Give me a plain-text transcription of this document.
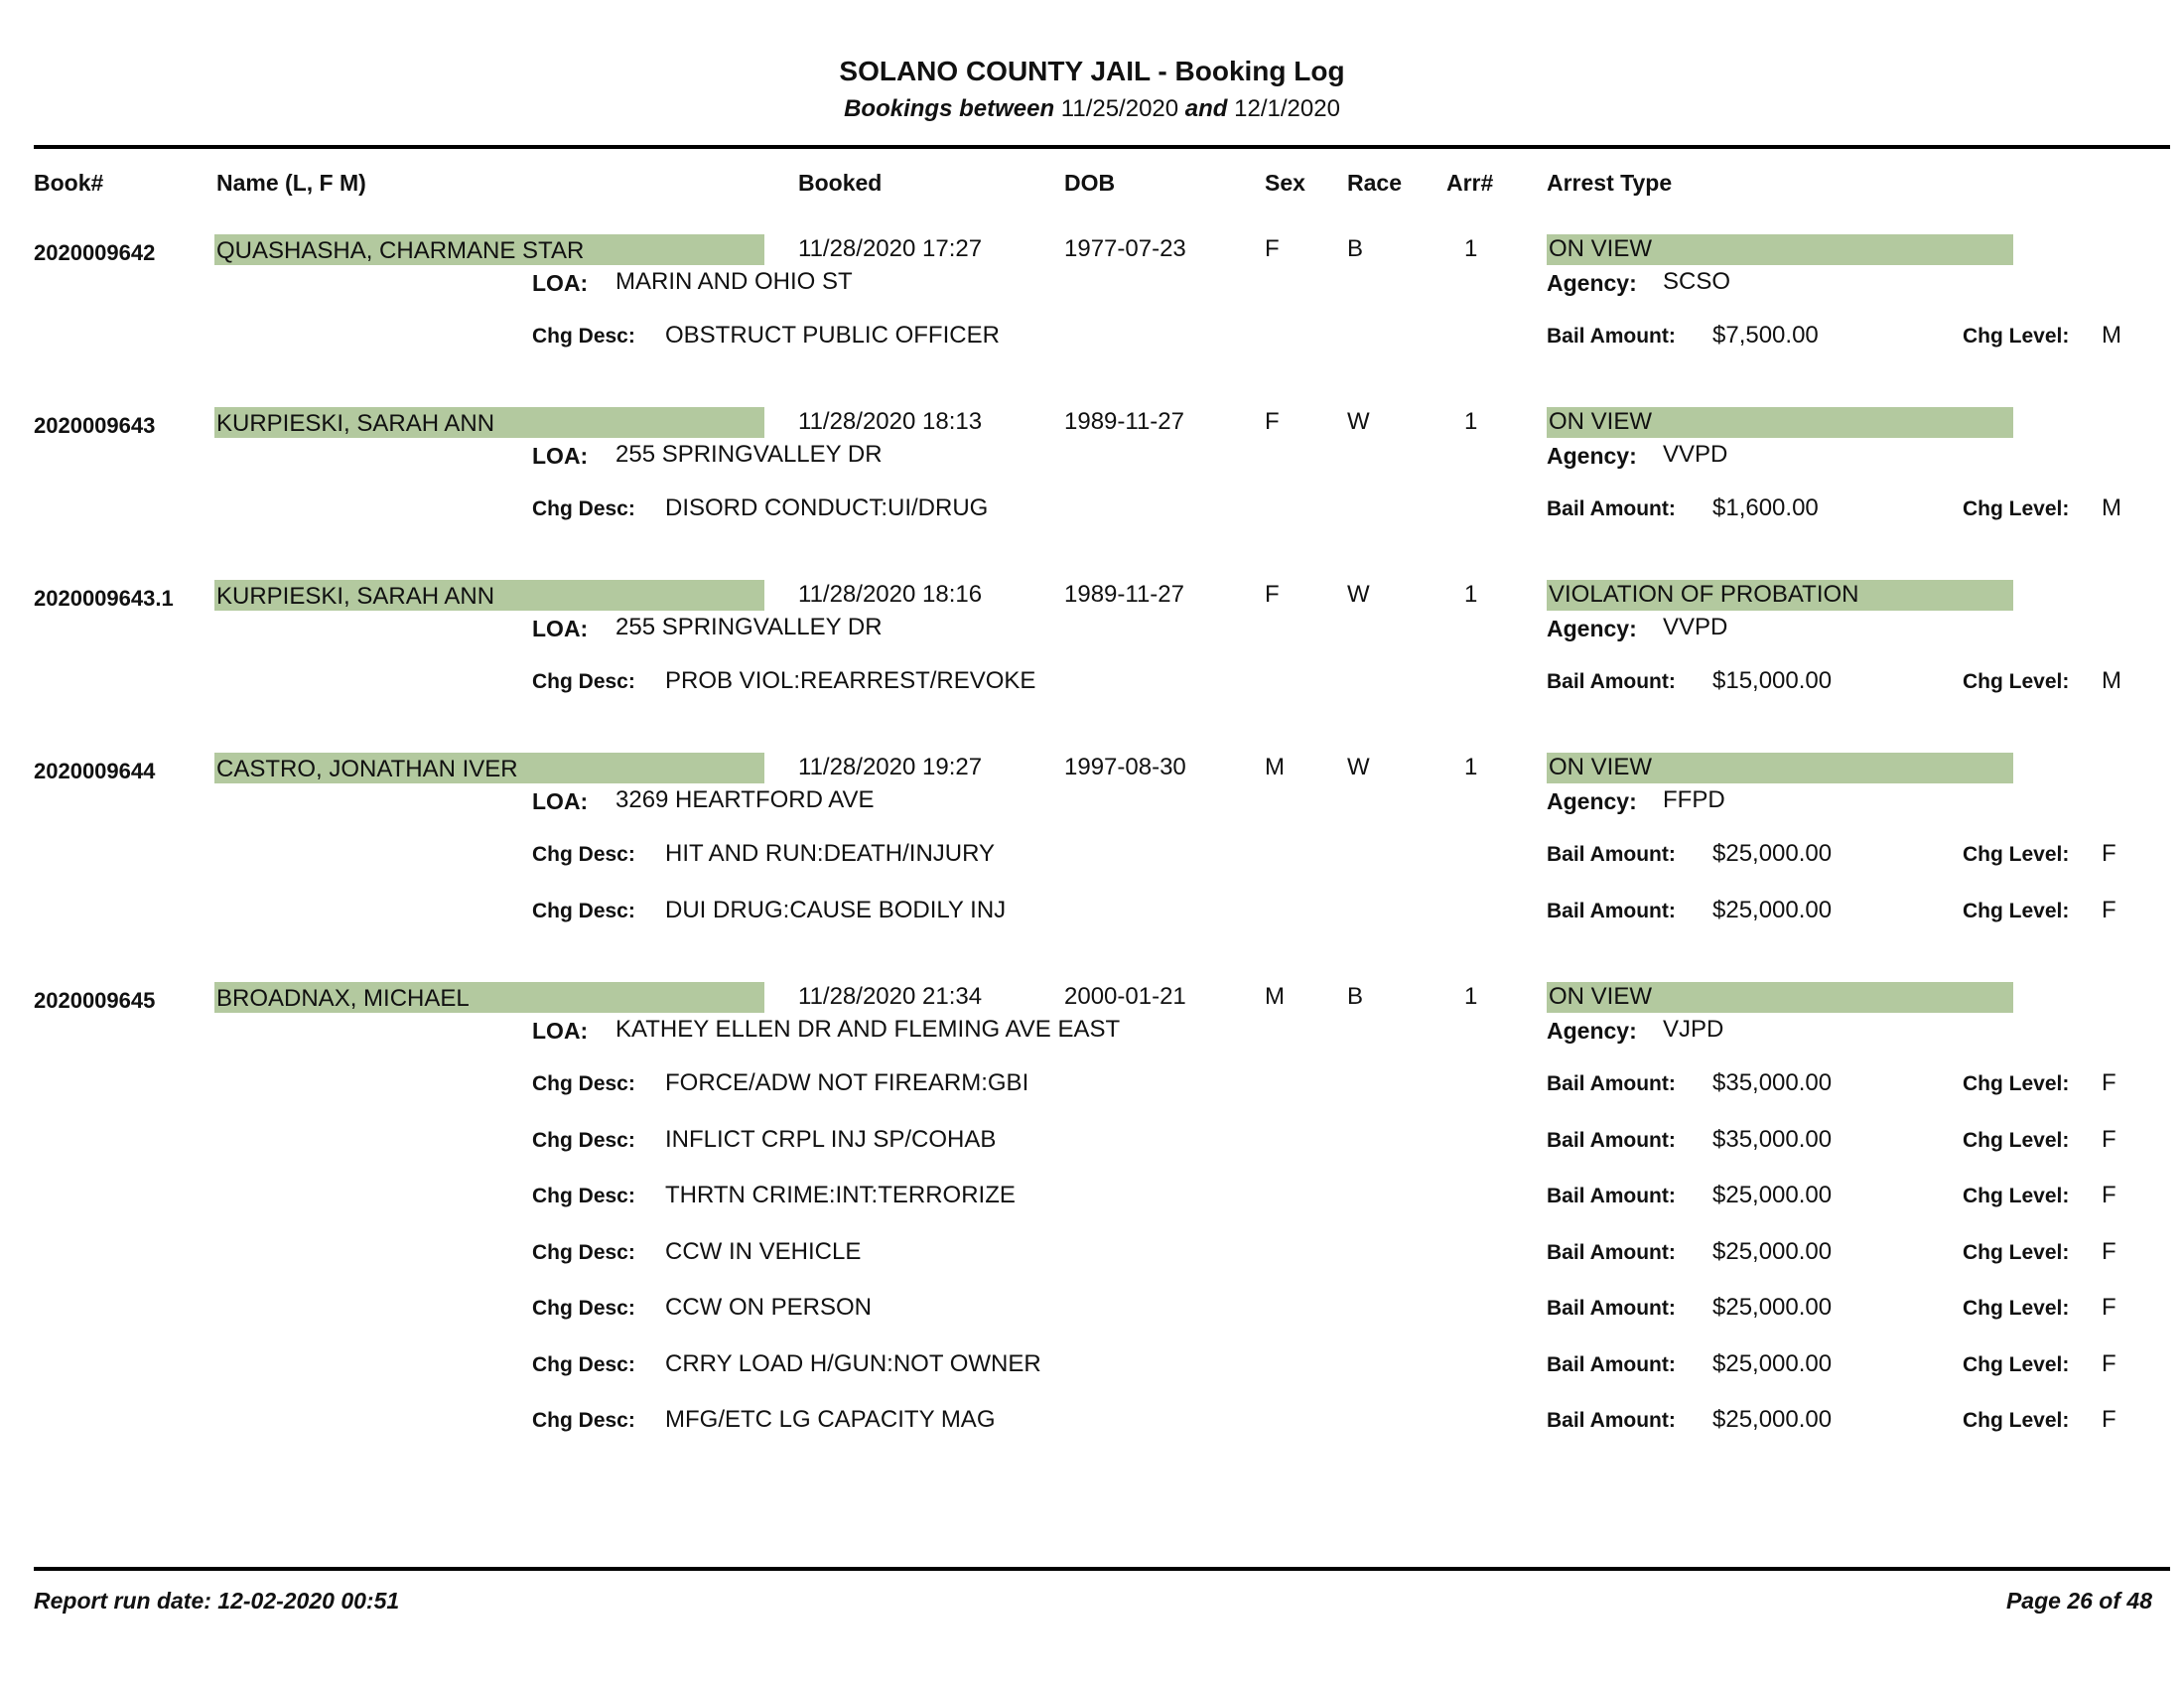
SOLANO COUNTY JAIL - Booking Log
Bookings between 11/25/2020 and 12/1/2020
Book#	Name (L, F M)	Booked	DOB	Sex Race Arr# Arrest Type
2020009642	QUASHASHA, CHARMANE STAR	11/28/2020 17:27	1977-07-23	F	B	1	ON VIEW
LOA: MARIN AND OHIO ST	Agency: SCSO
Chg Desc: OBSTRUCT PUBLIC OFFICER	Bail Amount: $7,500.00	Chg Level: M
2020009643	KURPIESKI, SARAH ANN	11/28/2020 18:13	1989-11-27	F	W	1	ON VIEW
LOA: 255 SPRINGVALLEY DR	Agency: VVPD
Chg Desc: DISORD CONDUCT:UI/DRUG	Bail Amount: $1,600.00	Chg Level: M
2020009643.1 KURPIESKI, SARAH ANN	11/28/2020 18:16	1989-11-27	F	W	1	VIOLATION OF PROBATION
LOA: 255 SPRINGVALLEY DR	Agency: VVPD
Chg Desc: PROB VIOL:REARREST/REVOKE	Bail Amount: $15,000.00	Chg Level: M
2020009644	CASTRO, JONATHAN IVER	11/28/2020 19:27	1997-08-30	M	W	1	ON VIEW
LOA: 3269 HEARTFORD AVE	Agency: FFPD
Chg Desc: HIT AND RUN:DEATH/INJURY	Bail Amount: $25,000.00	Chg Level: F
Chg Desc: DUI DRUG:CAUSE BODILY INJ	Bail Amount: $25,000.00	Chg Level: F
2020009645	BROADNAX, MICHAEL	11/28/2020 21:34	2000-01-21	M	B	1	ON VIEW
LOA: KATHEY ELLEN DR AND FLEMING AVE EAST	Agency: VJPD
Chg Desc: FORCE/ADW NOT FIREARM:GBI	Bail Amount: $35,000.00	Chg Level: F
Chg Desc: INFLICT CRPL INJ SP/COHAB	Bail Amount: $35,000.00	Chg Level: F
Chg Desc: THRTN CRIME:INT:TERRORIZE	Bail Amount: $25,000.00	Chg Level: F
Chg Desc: CCW IN VEHICLE	Bail Amount: $25,000.00	Chg Level: F
Chg Desc: CCW ON PERSON	Bail Amount: $25,000.00	Chg Level: F
Chg Desc: CRRY LOAD H/GUN:NOT OWNER	Bail Amount: $25,000.00	Chg Level: F
Chg Desc: MFG/ETC LG CAPACITY MAG	Bail Amount: $25,000.00	Chg Level: F
Report run date: 12-02-2020 00:51	Page 26 of 48
